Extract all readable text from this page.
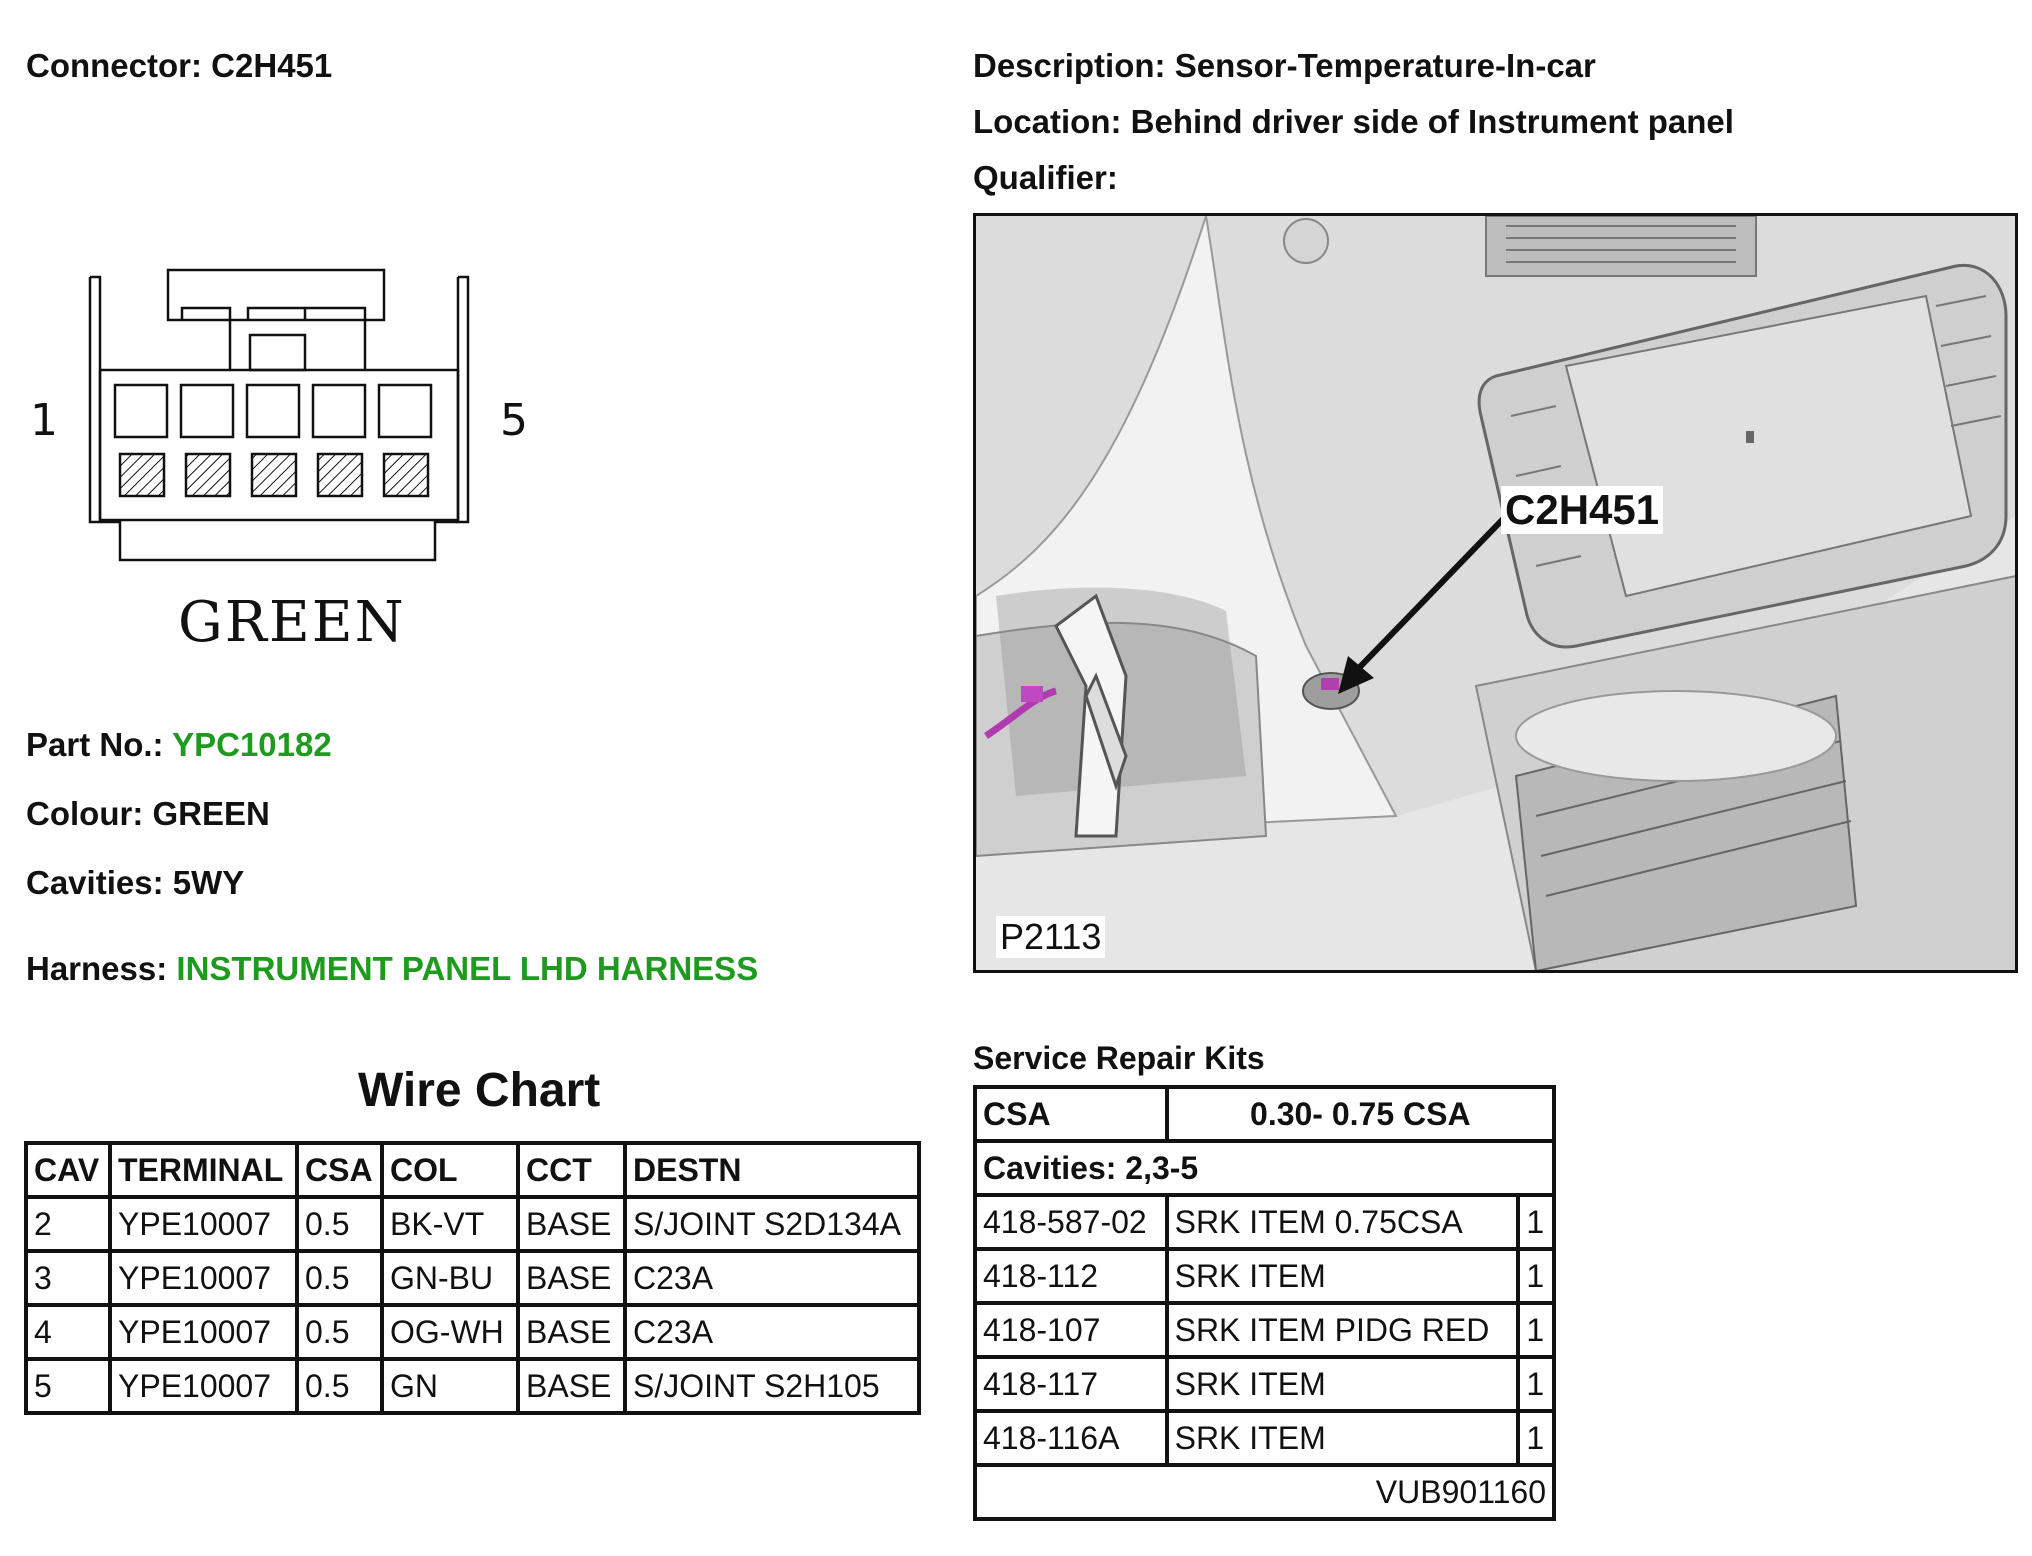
Connector: C2H451	Description: Sensor-Temperature-In-car
Location: Behind driver side of Instrument panel
Qualifier:
1	5
GREEN
Part No.: YPC10182
Colour: GREEN
Cavities: 5WY
Harness: INSTRUMENT PANEL LHD HARNESS
C2H451
P2113
Wire Chart
CAV	TERMINAL	CSA	COL	CCT	DESTN
2	YPE10007	0.5	BK-VT	BASE	S/JOINT S2D134A
3	YPE10007	0.5	GN-BU	BASE	C23A
4	YPE10007	0.5	OG-WH	BASE	C23A
5	YPE10007	0.5	GN	BASE	S/JOINT S2H105
Service Repair Kits
CSA	0.30- 0.75 CSA	
Cavities: 2,3-5		
418-587-02	SRK ITEM 0.75CSA	1
418-112	SRK ITEM	1
418-107	SRK ITEM PIDG RED	1
418-117	SRK ITEM	1
418-116A	SRK ITEM	1
VUB901160		
